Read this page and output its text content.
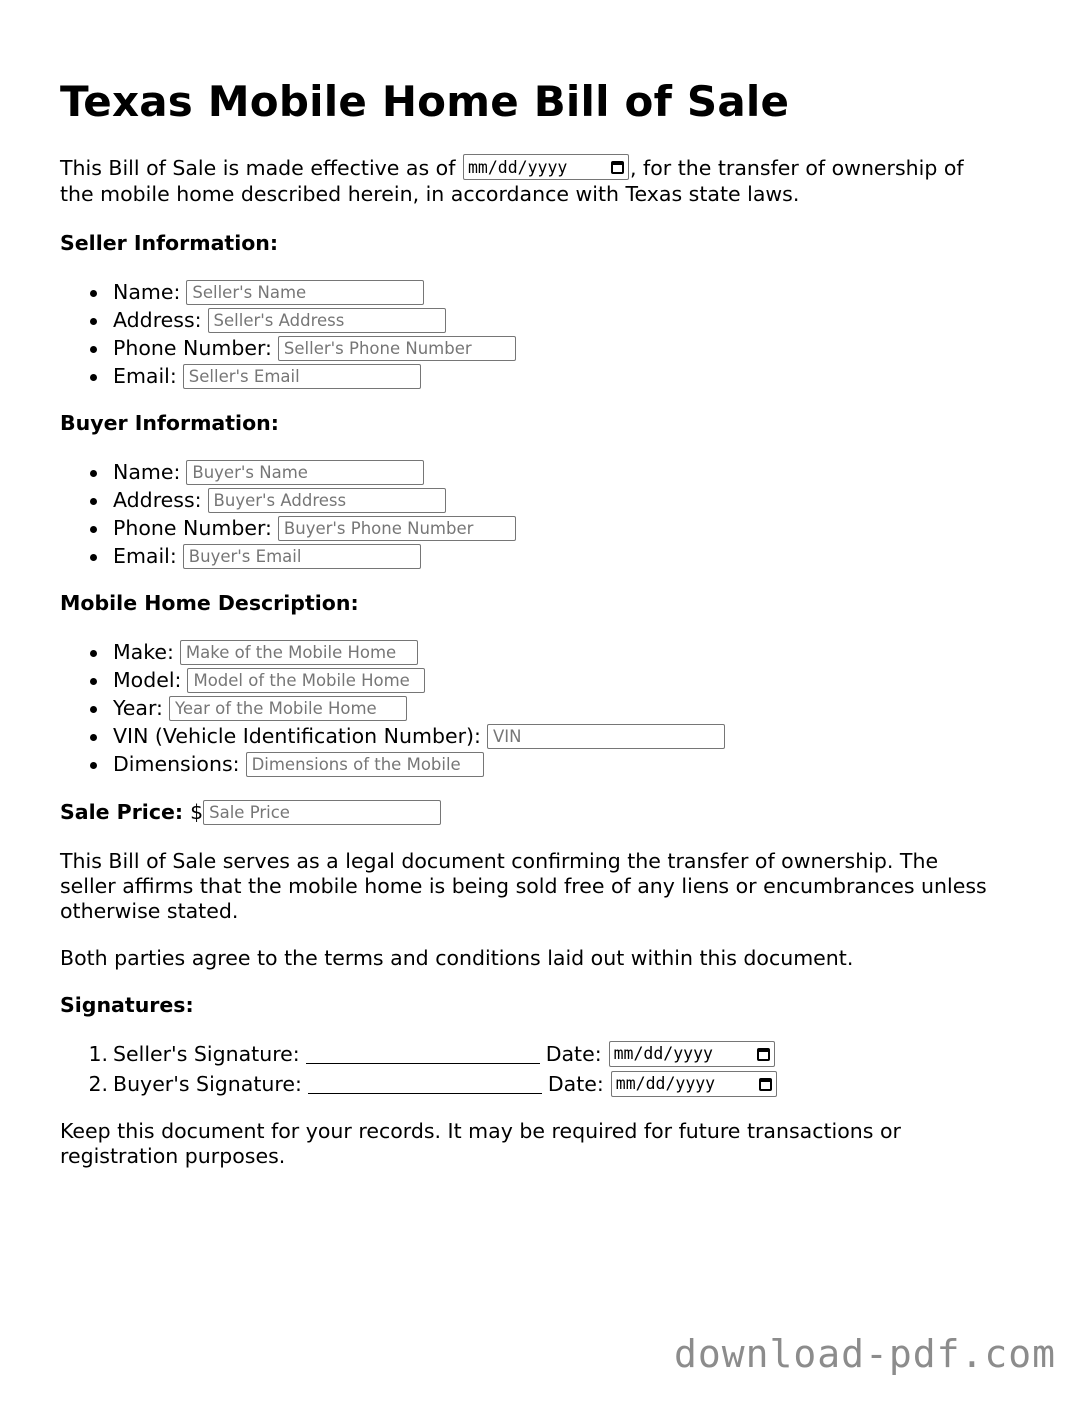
Texas Mobile Home Bill of Sale
This Bill of Sale is made effective as of mm/dd/yyyy	, for the transfer of ownership of
the mobile home described herein, in accordance with Texas state laws.
Seller Information:
Name:
Seller's Name
Address:
Seller's Address
Phone Number:
Seller's Phone Number
Email:
Seller's Email
Buyer Information:
Name:
Buyer's Name
Address:
Buyer's Address
Phone Number:
Buyer's Phone Number
Email:
Buyer's Email
Mobile Home Description:
Make:
Make of the Mobile Home
Model:
Model of the Mobile Home
Year:
Year of the Mobile Home
VIN (Vehicle Identification Number):
VIN
Dimensions:
Dimensions of the Mobile
Sale Price: $
Sale Price
This Bill of Sale serves as a legal document confirming the transfer of ownership. The
seller affirms that the mobile home is being sold free of any liens or encumbrances unless
otherwise stated.
Both parties agree to the terms and conditions laid out within this document.
Signatures:
1. Seller's Signature:	Date: mm/dd/yyyy
2. Buyer's Signature:	Date: mm/dd/yyyy
Keep this document for your records. It may be required for future transactions or
registration purposes.
download-pdf.com
